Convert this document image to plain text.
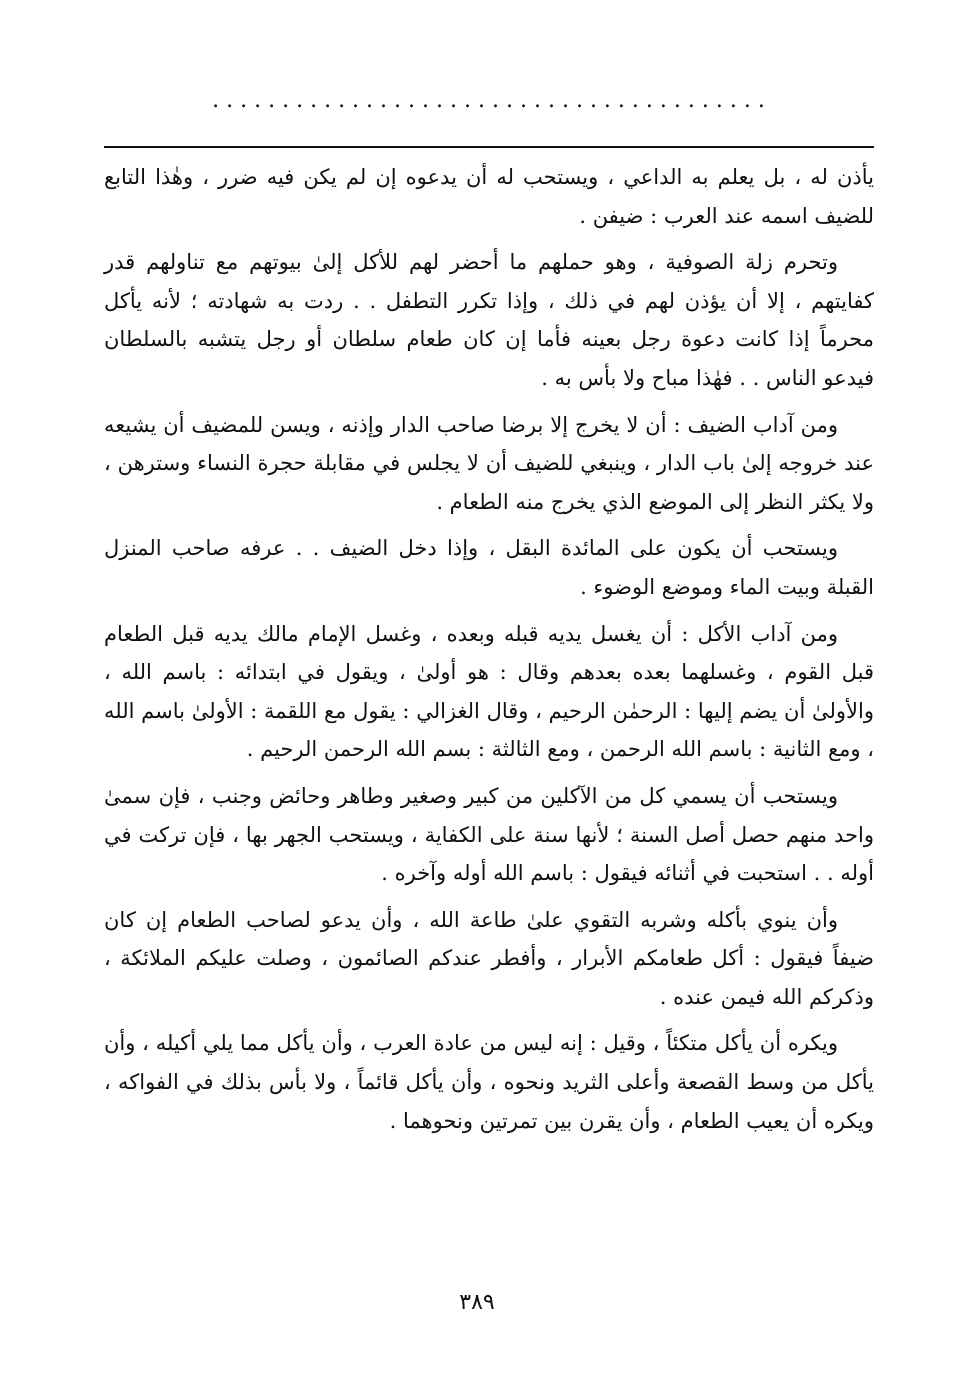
........................................

يأذن له ، بل يعلم به الداعي ، ويستحب له أن يدعوه إن لم يكن فيه ضرر ، وهٰذا التابع للضيف اسمه عند العرب : ضيفن .

وتحرم زلة الصوفية ، وهو حملهم ما أحضر لهم للأكل إلىٰ بيوتهم مع تناولهم قدر كفايتهم ، إلا أن يؤذن لهم في ذلك ، وإذا تكرر التطفل . . ردت به شهادته ؛ لأنه يأكل محرماً إذا كانت دعوة رجل بعينه فأما إن كان طعام سلطان أو رجل يتشبه بالسلطان فيدعو الناس . . فهٰذا مباح ولا بأس به .

ومن آداب الضيف : أن لا يخرج إلا برضا صاحب الدار وإذنه ، ويسن للمضيف أن يشيعه عند خروجه إلىٰ باب الدار ، وينبغي للضيف أن لا يجلس في مقابلة حجرة النساء وسترهن ، ولا يكثر النظر إلى الموضع الذي يخرج منه الطعام .

ويستحب أن يكون على المائدة البقل ، وإذا دخل الضيف . . عرفه صاحب المنزل القبلة وبيت الماء وموضع الوضوء .

ومن آداب الأكل : أن يغسل يديه قبله وبعده ، وغسل الإمام مالك يديه قبل الطعام قبل القوم ، وغسلهما بعده بعدهم وقال : هو أولىٰ ، ويقول في ابتدائه : باسم الله ، والأولىٰ أن يضم إليها : الرحمٰن الرحيم ، وقال الغزالي : يقول مع اللقمة : الأولىٰ باسم الله ، ومع الثانية : باسم الله الرحمن ، ومع الثالثة : بسم الله الرحمن الرحيم .

ويستحب أن يسمي كل من الآكلين من كبير وصغير وطاهر وحائض وجنب ، فإن سمىٰ واحد منهم حصل أصل السنة ؛ لأنها سنة على الكفاية ، ويستحب الجهر بها ، فإن تركت في أوله . . استحبت في أثنائه فيقول : باسم الله أوله وآخره .

وأن ينوي بأكله وشربه التقوي علىٰ طاعة الله ، وأن يدعو لصاحب الطعام إن كان ضيفاً فيقول : أكل طعامكم الأبرار ، وأفطر عندكم الصائمون ، وصلت عليكم الملائكة ، وذكركم الله فيمن عنده .

ويكره أن يأكل متكئاً ، وقيل : إنه ليس من عادة العرب ، وأن يأكل مما يلي أكيله ، وأن يأكل من وسط القصعة وأعلى الثريد ونحوه ، وأن يأكل قائماً ، ولا بأس بذلك في الفواكه ، ويكره أن يعيب الطعام ، وأن يقرن بين تمرتين ونحوهما .

٣٨٩
